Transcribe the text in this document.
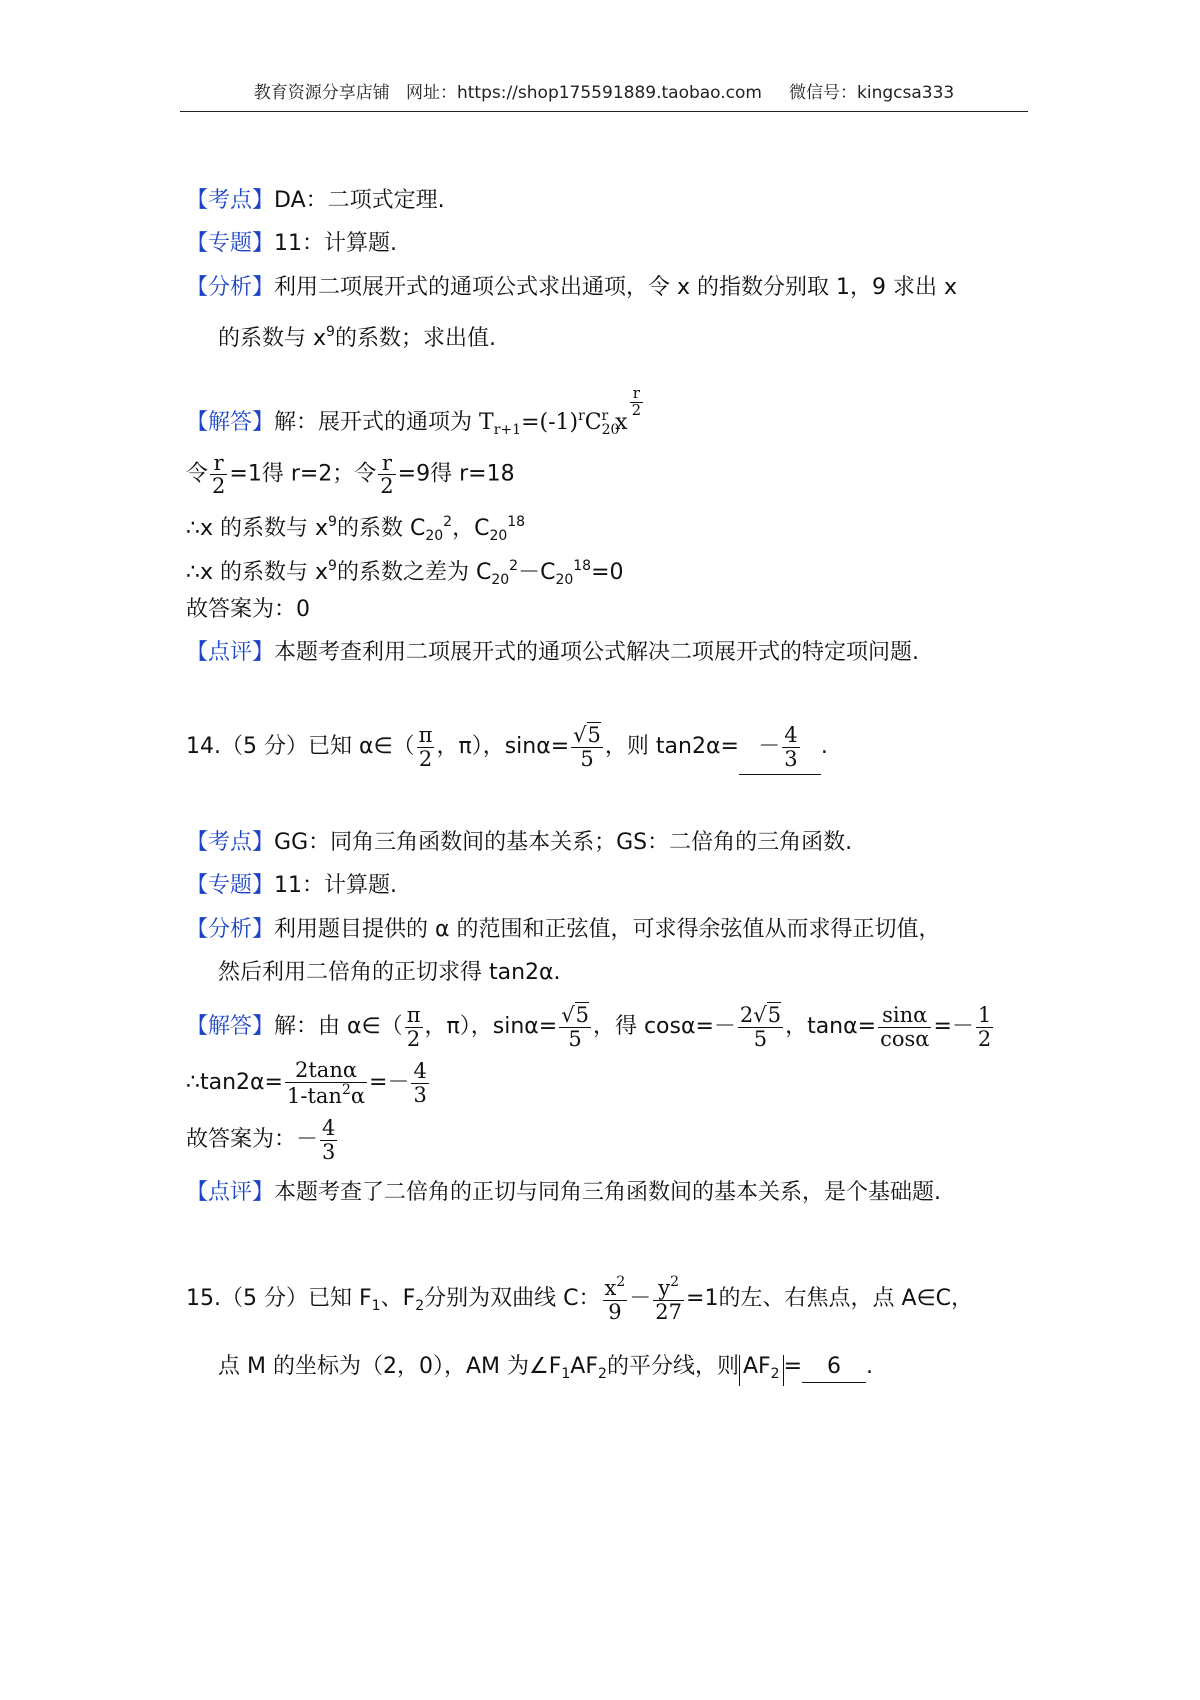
教育资源分享店铺   网址：https://shop175591889.taobao.com     微信号：kingcsa333
【考点】DA：二项式定理.
【专题】11：计算题.
【分析】利用二项展开式的通项公式求出通项，令 x 的指数分别取 1，9 求出 x
的系数与 $x^9$的系数；求出值.
【解答】解：展开式的通项为 $T_{r+1}=(-1)^rC_{20}^r$ x
$\frac{r}{2}$
令 $\frac{r}{2} =1$得 r=2；令 $\frac{r}{2} =9$得 r=18
∴x 的系数与 $x^9$的系数 $C_{20}^2$，$C_{20}^{18}$
∴x 的系数与 $x^9$的系数之差为 $C_{20}^2-C_{20}^{18}=0$
故答案为：0
【点评】本题考查利用二项展开式的通项公式解决二项展开式的特定项问题.
14.（5 分）已知 α∈（ $\frac{\pi}{2}$ ，π），$\sin\alpha= \frac{√5}{5}$ ，则 $\tan 2\alpha= - \frac{4}{3}$ .
【考点】GG：同角三角函数间的基本关系；GS：二倍角的三角函数.
【专题】11：计算题.
【分析】利用题目提供的 α 的范围和正弦值，可求得余弦值从而求得正切值，
然后利用二倍角的正切求得 tan2α.
【解答】解：由 α∈（ $\frac{\pi}{2}$ ，π），$\sin\alpha= \frac{√5}{5}$ ，得 $\cos\alpha=- \frac{2√5}{5}$ ，$\tan\alpha= \frac{\sin\alpha}{\cos\alpha} =- \frac{1}{2}$
∴tan2α= $\frac{2\tan\alpha}{1-\tan^2\alpha} =- \frac{4}{3}$
故答案为：－ $\frac{4}{3}$
【点评】本题考查了二倍角的正切与同角三角函数间的基本关系，是个基础题.
15.（5 分）已知 $F_1$、$F_2$分别为双曲线 C： $\frac{x^2}{9} - \frac{y^2}{27} =1$的左、右焦点，点 A∈C，
点 M 的坐标为（2，0），AM 为$\angle F_1AF_2$的平分线，则 $AF_2 = 6$ .
